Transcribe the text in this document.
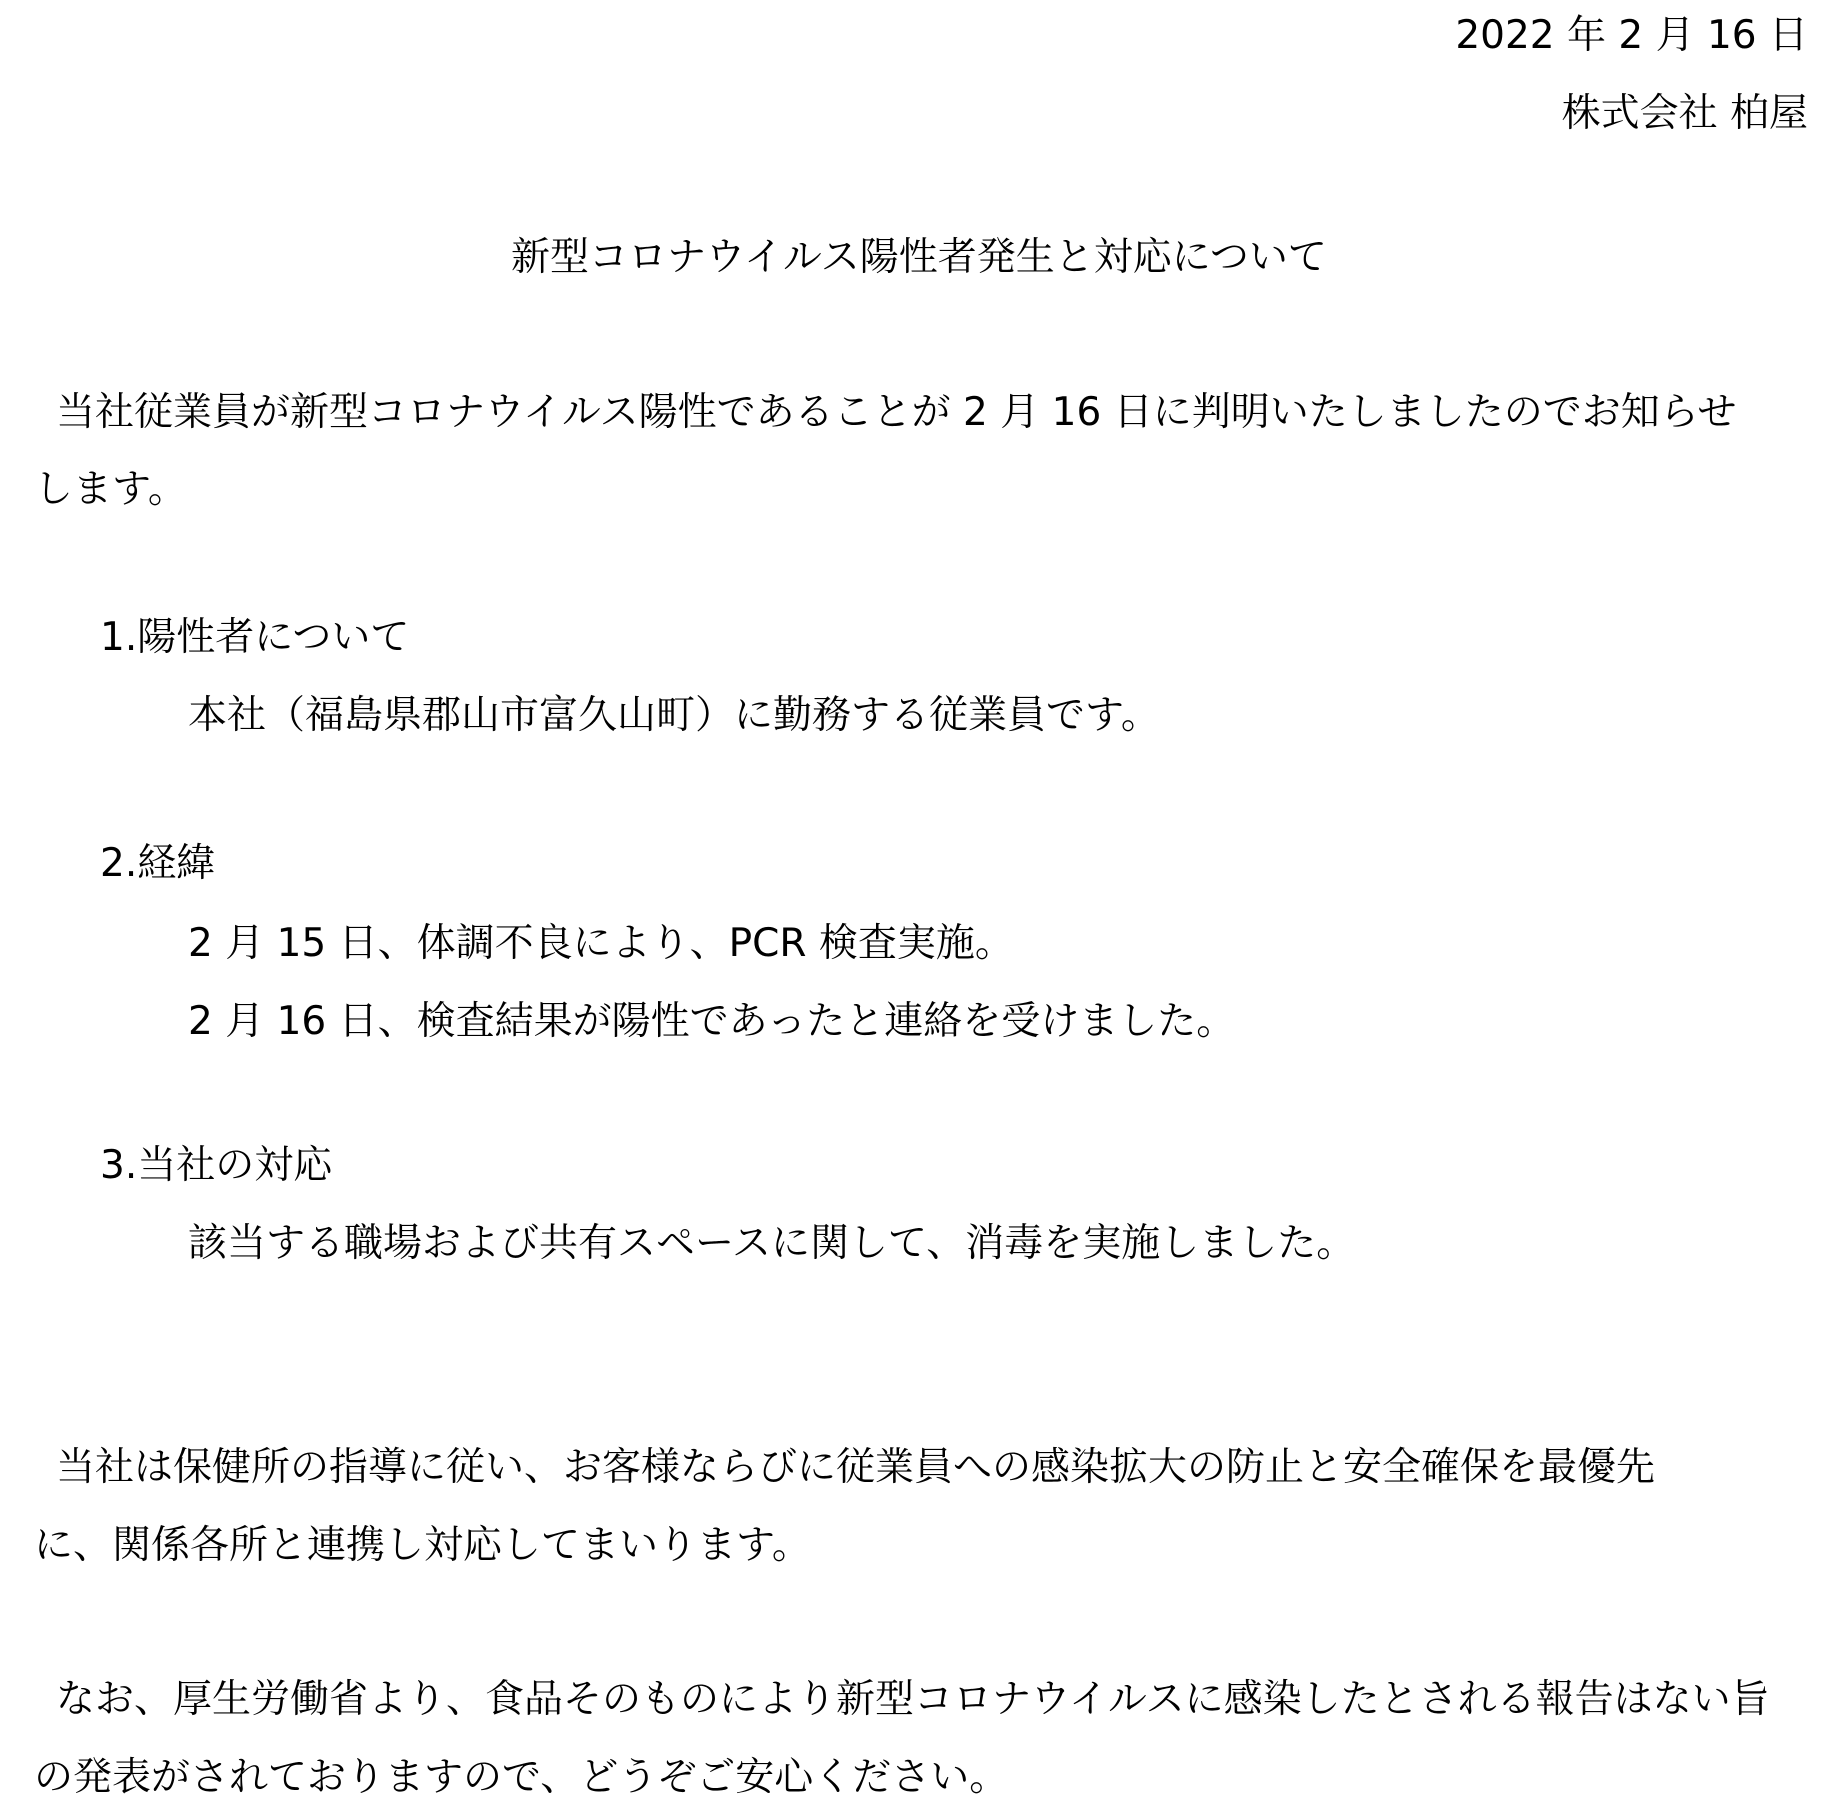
2022 年 2 月 16 日
株式会社 柏屋
新型コロナウイルス陽性者発生と対応について
当社従業員が新型コロナウイルス陽性であることが 2 月 16 日に判明いたしましたのでお知らせ
します。
1.陽性者について
本社（福島県郡山市富久山町）に勤務する従業員です。
2.経緯
2 月 15 日、体調不良により、PCR 検査実施。
2 月 16 日、検査結果が陽性であったと連絡を受けました。
3.当社の対応
該当する職場および共有スペースに関して、消毒を実施しました。
当社は保健所の指導に従い、お客様ならびに従業員への感染拡大の防止と安全確保を最優先
に、関係各所と連携し対応してまいります。
なお、厚生労働省より、食品そのものにより新型コロナウイルスに感染したとされる報告はない旨
の発表がされておりますので、どうぞご安心ください。
